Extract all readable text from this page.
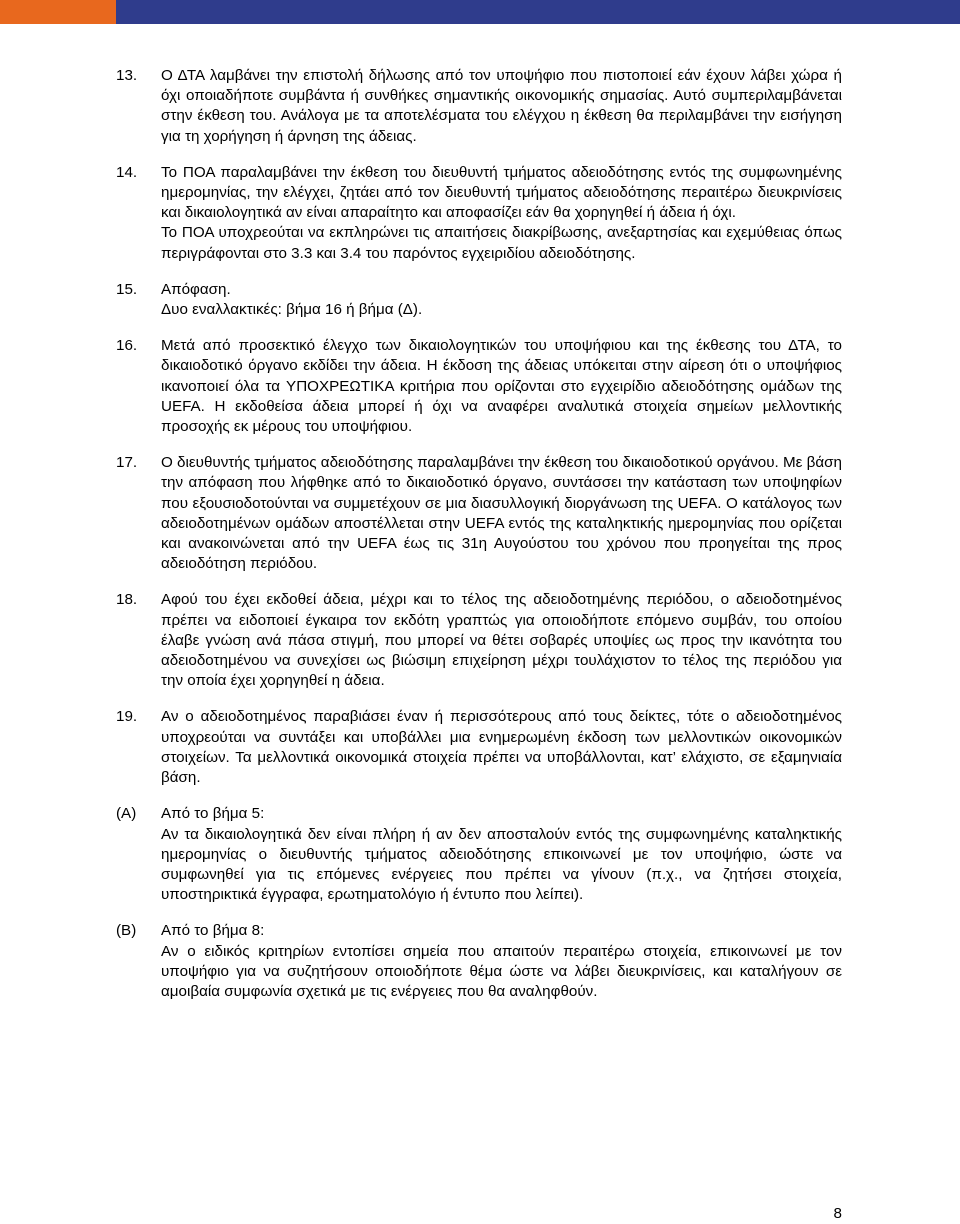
13.	Ο ΔΤΑ λαμβάνει την επιστολή δήλωσης από τον υποψήφιο που πιστοποιεί εάν έχουν λάβει χώρα ή όχι οποιαδήποτε συμβάντα ή συνθήκες σημαντικής οικονομικής σημασίας. Αυτό συμπεριλαμβάνεται στην έκθεση του. Ανάλογα με τα αποτελέσματα του ελέγχου η έκθεση θα περιλαμβάνει την εισήγηση για τη χορήγηση ή άρνηση της άδειας.

14.	Το ΠΟΑ παραλαμβάνει την έκθεση του διευθυντή τμήματος αδειοδότησης εντός της συμφωνημένης ημερομηνίας, την ελέγχει, ζητάει από τον διευθυντή τμήματος αδειοδότησης περαιτέρω διευκρινίσεις και δικαιολογητικά αν είναι απαραίτητο και αποφασίζει εάν θα χορηγηθεί ή άδεια ή όχι.

Το ΠΟΑ υποχρεούται να εκπληρώνει τις απαιτήσεις διακρίβωσης, ανεξαρτησίας και εχεμύθειας όπως περιγράφονται στο 3.3 και 3.4 του παρόντος εγχειριδίου αδειοδότησης.

15.	Απόφαση.

Δυο εναλλακτικές: βήμα 16 ή βήμα (Δ).

16.	Μετά από προσεκτικό έλεγχο των δικαιολογητικών του υποψήφιου και της έκθεσης του ΔΤΑ, το δικαιοδοτικό όργανο εκδίδει την άδεια. Η έκδοση της άδειας υπόκειται στην αίρεση ότι ο υποψήφιος ικανοποιεί όλα τα ΥΠΟΧΡΕΩΤΙΚΑ κριτήρια που ορίζονται στο εγχειρίδιο αδειοδότησης ομάδων της UEFA. Η εκδοθείσα άδεια μπορεί ή όχι να αναφέρει αναλυτικά στοιχεία σημείων μελλοντικής προσοχής εκ μέρους του υποψήφιου.

17.	Ο διευθυντής τμήματος αδειοδότησης παραλαμβάνει την έκθεση του δικαιοδοτικού οργάνου. Με βάση την απόφαση που λήφθηκε από το δικαιοδοτικό όργανο, συντάσσει την κατάσταση των υποψηφίων που εξουσιοδοτούνται να συμμετέχουν σε μια διασυλλογική διοργάνωση της UEFA. Ο κατάλογος των αδειοδοτημένων ομάδων αποστέλλεται στην UEFA εντός της καταληκτικής ημερομηνίας που ορίζεται και ανακοινώνεται από την UEFA έως τις 31η Αυγούστου του χρόνου που προηγείται της προς αδειοδότηση περιόδου.

18.	Αφού του έχει εκδοθεί άδεια, μέχρι και το τέλος της αδειοδοτημένης περιόδου, ο αδειοδοτημένος πρέπει να ειδοποιεί έγκαιρα τον εκδότη γραπτώς για οποιοδήποτε επόμενο συμβάν, του οποίου έλαβε γνώση ανά πάσα στιγμή, που μπορεί να θέτει σοβαρές υποψίες ως προς την ικανότητα του αδειοδοτημένου να συνεχίσει ως βιώσιμη επιχείρηση μέχρι τουλάχιστον το τέλος της περιόδου για την οποία έχει χορηγηθεί η άδεια.

19.	Αν ο αδειοδοτημένος παραβιάσει έναν ή περισσότερους από τους δείκτες, τότε ο αδειοδοτημένος υποχρεούται να συντάξει και υποβάλλει μια ενημερωμένη έκδοση των μελλοντικών οικονομικών στοιχείων. Τα μελλοντικά οικονομικά στοιχεία πρέπει να υποβάλλονται, κατ’ ελάχιστο, σε εξαμηνιαία βάση.

(A)	Από το βήμα 5:

Αν τα δικαιολογητικά δεν είναι πλήρη ή αν δεν αποσταλούν εντός της συμφωνημένης καταληκτικής ημερομηνίας ο διευθυντής τμήματος αδειοδότησης επικοινωνεί με τον υποψήφιο, ώστε να συμφωνηθεί για τις επόμενες ενέργειες που πρέπει να γίνουν (π.χ., να ζητήσει στοιχεία, υποστηρικτικά έγγραφα, ερωτηματολόγιο ή έντυπο που λείπει).

(B)	Από το βήμα 8:

Αν ο ειδικός κριτηρίων εντοπίσει σημεία που απαιτούν περαιτέρω στοιχεία, επικοινωνεί με τον υποψήφιο για να συζητήσουν οποιοδήποτε θέμα ώστε να λάβει διευκρινίσεις, και καταλήγουν σε αμοιβαία συμφωνία σχετικά με τις ενέργειες που θα αναληφθούν.

8
